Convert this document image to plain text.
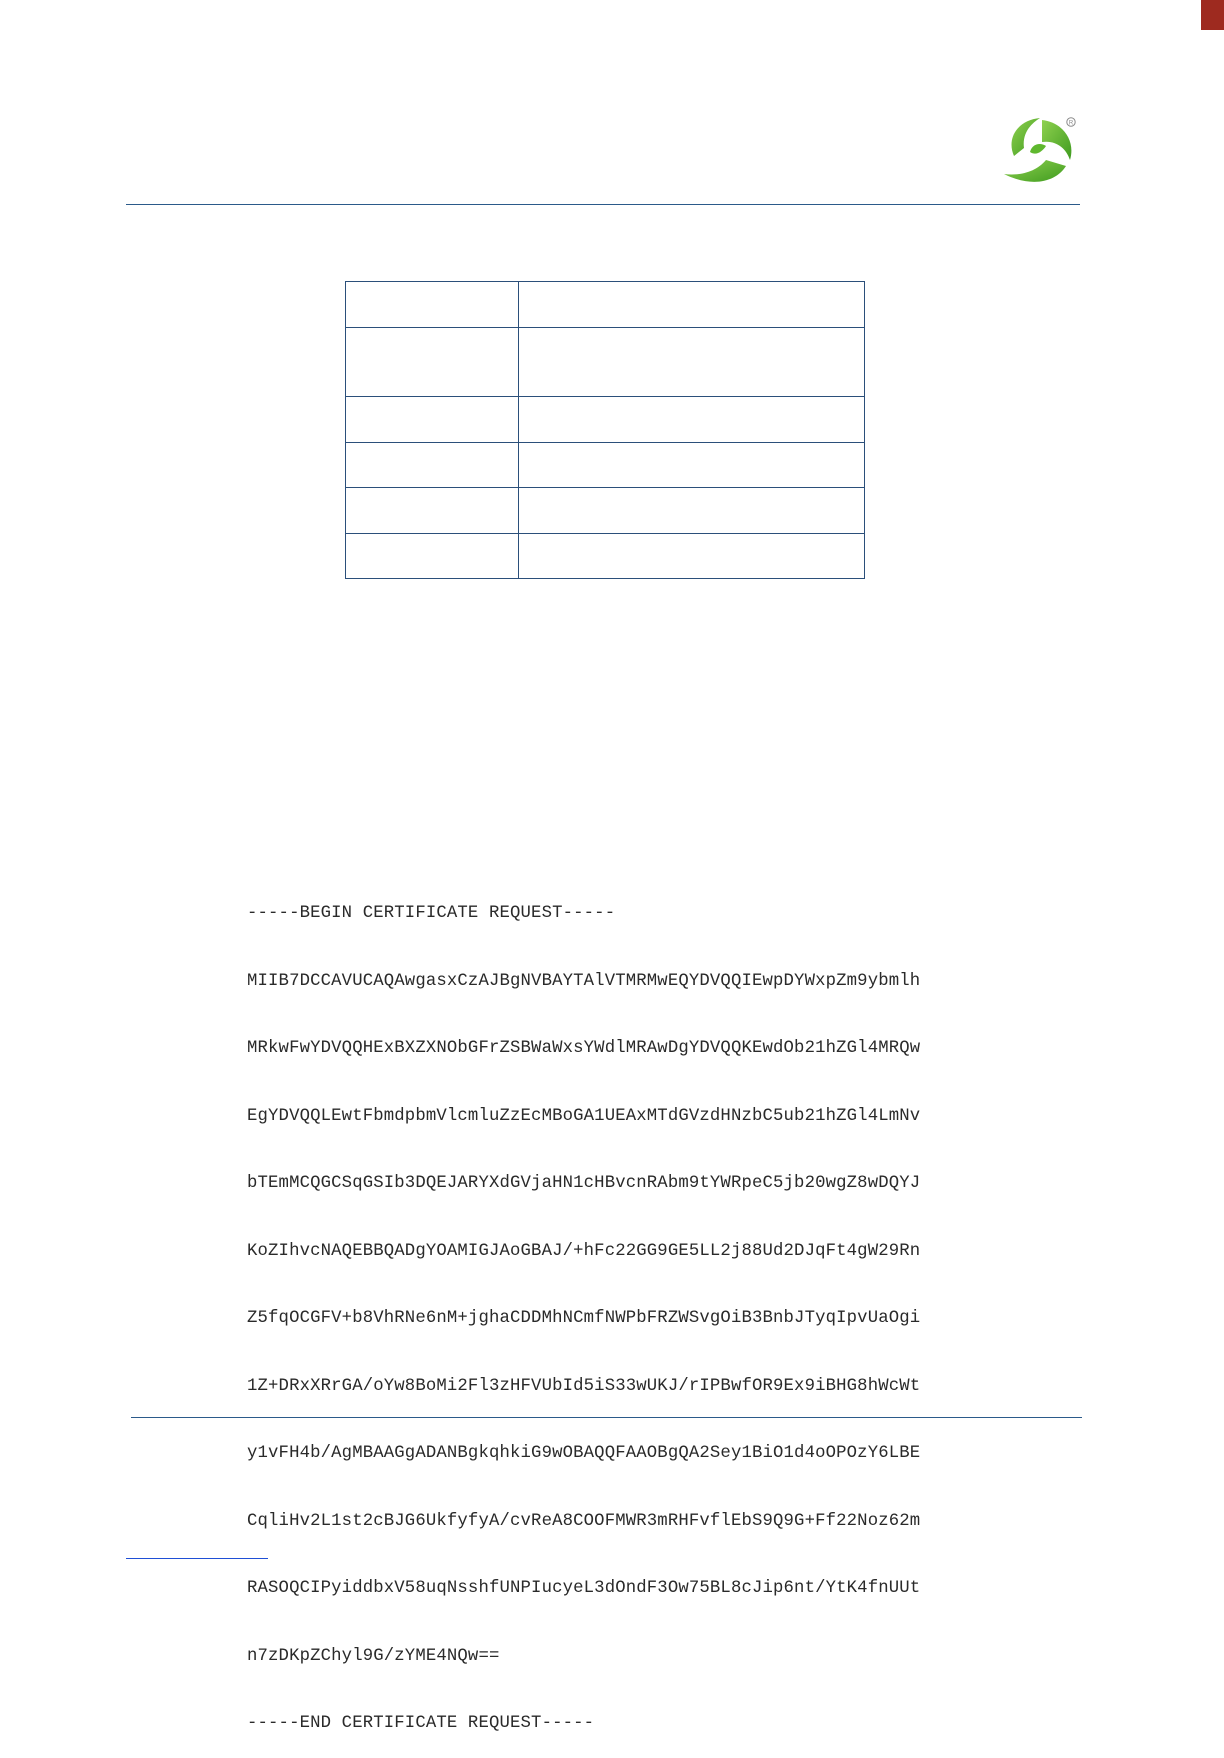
R

-----BEGIN CERTIFICATE REQUEST-----

MIIB7DCCAVUCAQAwgasxCzAJBgNVBAYTAlVTMRMwEQYDVQQIEwpDYWxpZm9ybmlh

MRkwFwYDVQQHExBXZXNObGFrZSBWaWxsYWdlMRAwDgYDVQQKEwdOb21hZGl4MRQw

EgYDVQQLEwtFbmdpbmVlcmluZzEcMBoGA1UEAxMTdGVzdHNzbC5ub21hZGl4LmNv

bTEmMCQGCSqGSIb3DQEJARYXdGVjaHN1cHBvcnRAbm9tYWRpeC5jb20wgZ8wDQYJ

KoZIhvcNAQEBBQADgYOAMIGJAoGBAJ/+hFc22GG9GE5LL2j88Ud2DJqFt4gW29Rn

Z5fqOCGFV+b8VhRNe6nM+jghaCDDMhNCmfNWPbFRZWSvgOiB3BnbJTyqIpvUaOgi

1Z+DRxXRrGA/oYw8BoMi2Fl3zHFVUbId5iS33wUKJ/rIPBwfOR9Ex9iBHG8hWcWt

y1vFH4b/AgMBAAGgADANBgkqhkiG9wOBAQQFAAOBgQA2Sey1BiO1d4oOPOzY6LBE

CqliHv2L1st2cBJG6UkfyfyA/cvReA8COOFMWR3mRHFvflEbS9Q9G+Ff22Noz62m

RASOQCIPyiddbxV58uqNsshfUNPIucyeL3dOndF3Ow75BL8cJip6nt/YtK4fnUUt

n7zDKpZChyl9G/zYME4NQw==

-----END CERTIFICATE REQUEST-----
